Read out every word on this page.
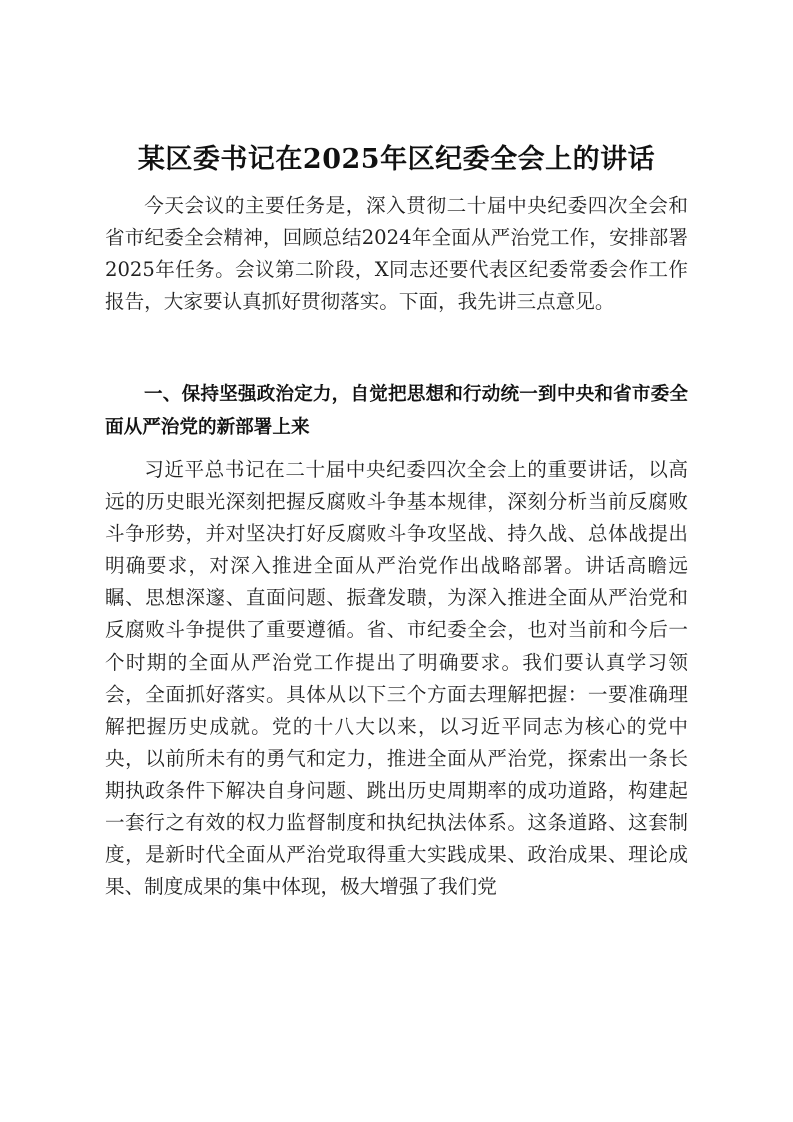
某区委书记在2025年区纪委全会上的讲话

今天会议的主要任务是，深入贯彻二十届中央纪委四次全会和省市纪委全会精神，回顾总结2024年全面从严治党工作，安排部署2025年任务。会议第二阶段，X同志还要代表区纪委常委会作工作报告，大家要认真抓好贯彻落实。下面，我先讲三点意见。

一、保持坚强政治定力，自觉把思想和行动统一到中央和省市委全面从严治党的新部署上来

习近平总书记在二十届中央纪委四次全会上的重要讲话，以高远的历史眼光深刻把握反腐败斗争基本规律，深刻分析当前反腐败斗争形势，并对坚决打好反腐败斗争攻坚战、持久战、总体战提出明确要求，对深入推进全面从严治党作出战略部署。讲话高瞻远瞩、思想深邃、直面问题、振聋发聩，为深入推进全面从严治党和反腐败斗争提供了重要遵循。省、市纪委全会，也对当前和今后一个时期的全面从严治党工作提出了明确要求。我们要认真学习领会，全面抓好落实。具体从以下三个方面去理解把握：一要准确理解把握历史成就。党的十八大以来，以习近平同志为核心的党中央，以前所未有的勇气和定力，推进全面从严治党，探索出一条长期执政条件下解决自身问题、跳出历史周期率的成功道路，构建起一套行之有效的权力监督制度和执纪执法体系。这条道路、这套制度，是新时代全面从严治党取得重大实践成果、政治成果、理论成果、制度成果的集中体现，极大增强了我们党
